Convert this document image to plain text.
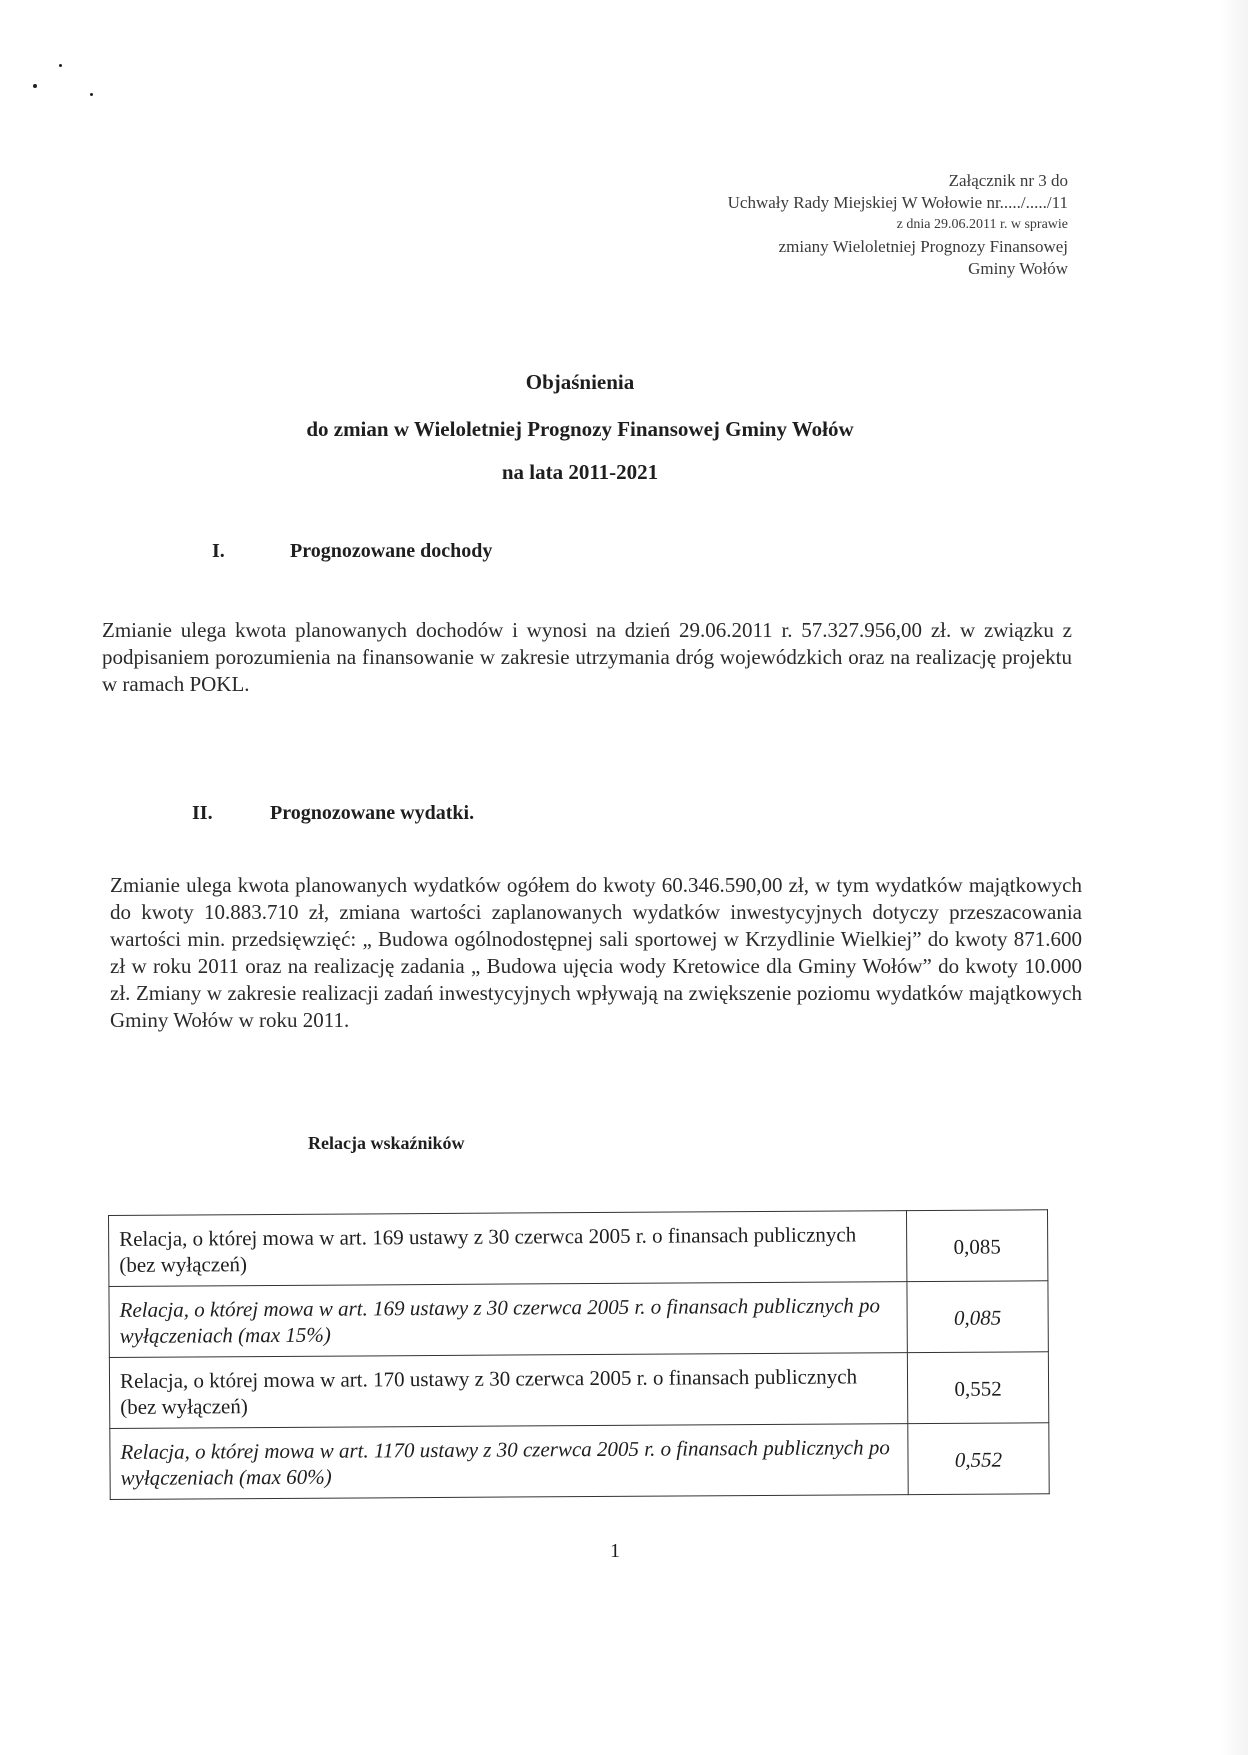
Załącznik nr 3 do
Uchwały Rady Miejskiej W Wołowie nr...../...../11
z dnia 29.06.2011 r. w sprawie
zmiany Wieloletniej Prognozy Finansowej
Gminy Wołów
Objaśnienia
do zmian w Wieloletniej Prognozy Finansowej Gminy Wołów
na lata 2011-2021
I.	Prognozowane dochody
Zmianie ulega kwota planowanych dochodów i wynosi na dzień 29.06.2011 r. 57.327.956,00 zł. w związku z podpisaniem porozumienia na finansowanie w zakresie utrzymania dróg wojewódzkich oraz na realizację projektu w ramach POKL.
II.	Prognozowane wydatki.
Zmianie ulega kwota planowanych wydatków ogółem do kwoty 60.346.590,00 zł, w tym wydatków majątkowych do kwoty 10.883.710 zł, zmiana wartości zaplanowanych wydatków inwestycyjnych dotyczy przeszacowania wartości min. przedsięwzięć: „ Budowa ogólnodostępnej sali sportowej w Krzydlinie Wielkiej” do kwoty 871.600 zł w roku 2011 oraz na realizację zadania „ Budowa ujęcia wody Kretowice dla Gminy Wołów” do kwoty 10.000 zł. Zmiany w zakresie realizacji zadań inwestycyjnych wpływają na zwiększenie poziomu wydatków majątkowych Gminy Wołów w roku 2011.
Relacja wskaźników
Relacja, o której mowa w art. 169 ustawy z 30 czerwca 2005 r. o finansach publicznych (bez wyłączeń)	0,085
Relacja, o której mowa w art. 169 ustawy z 30 czerwca 2005 r. o finansach publicznych po wyłączeniach (max 15%)	0,085
Relacja, o której mowa w art. 170 ustawy z 30 czerwca 2005 r. o finansach publicznych (bez wyłączeń)	0,552
Relacja, o której mowa w art. 1170 ustawy z 30 czerwca 2005 r. o finansach publicznych po wyłączeniach (max 60%)	0,552
1
